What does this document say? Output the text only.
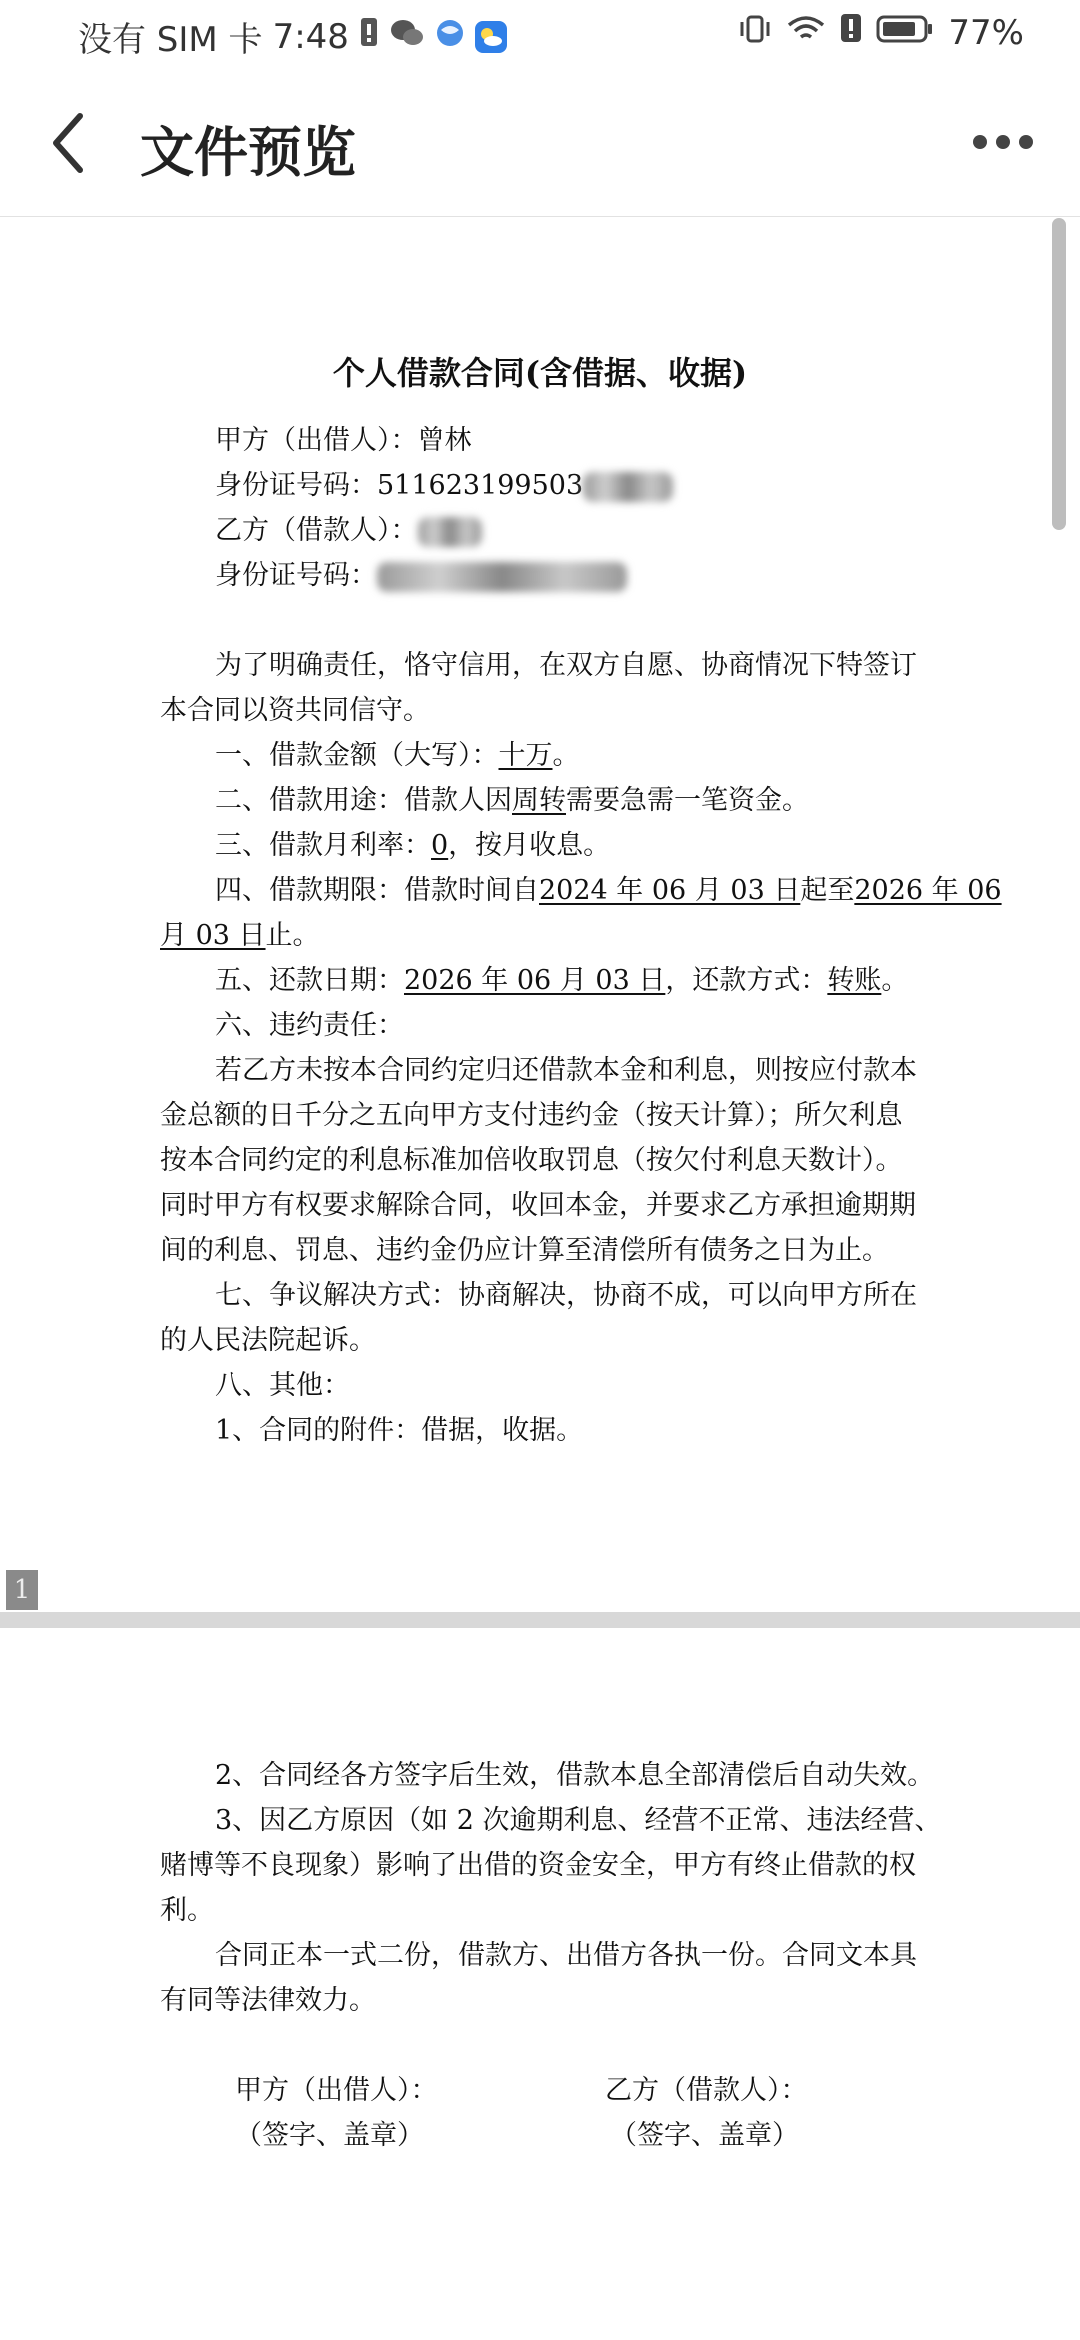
没有 SIM 卡 7:48	77%
文件预览
个人借款合同(含借据、收据)
甲方（出借人）：曾林
身份证号码：511623199503
乙方（借款人）：
身份证号码：
为了明确责任，恪守信用，在双方自愿、协商情况下特签订
本合同以资共同信守。
一、借款金额（大写）：十万。
二、借款用途：借款人因周转需要急需一笔资金。
三、借款月利率：0，按月收息。
四、借款期限：借款时间自2024 年 06 月 03 日起至2026 年 06
月 03 日止。
五、还款日期：2026 年 06 月 03 日，还款方式：转账。
六、违约责任：
若乙方未按本合同约定归还借款本金和利息，则按应付款本
金总额的日千分之五向甲方支付违约金（按天计算）；所欠利息
按本合同约定的利息标准加倍收取罚息（按欠付利息天数计）。
同时甲方有权要求解除合同，收回本金，并要求乙方承担逾期期
间的利息、罚息、违约金仍应计算至清偿所有债务之日为止。
七、争议解决方式：协商解决，协商不成，可以向甲方所在
的人民法院起诉。
八、其他：
1、合同的附件：借据，收据。
1
2、合同经各方签字后生效，借款本息全部清偿后自动失效。
3、因乙方原因（如 2 次逾期利息、经营不正常、违法经营、
赌博等不良现象）影响了出借的资金安全，甲方有终止借款的权
利。
合同正本一式二份，借款方、出借方各执一份。合同文本具
有同等法律效力。
甲方（出借人）：
（签字、盖章）
乙方（借款人）：
（签字、盖章）
